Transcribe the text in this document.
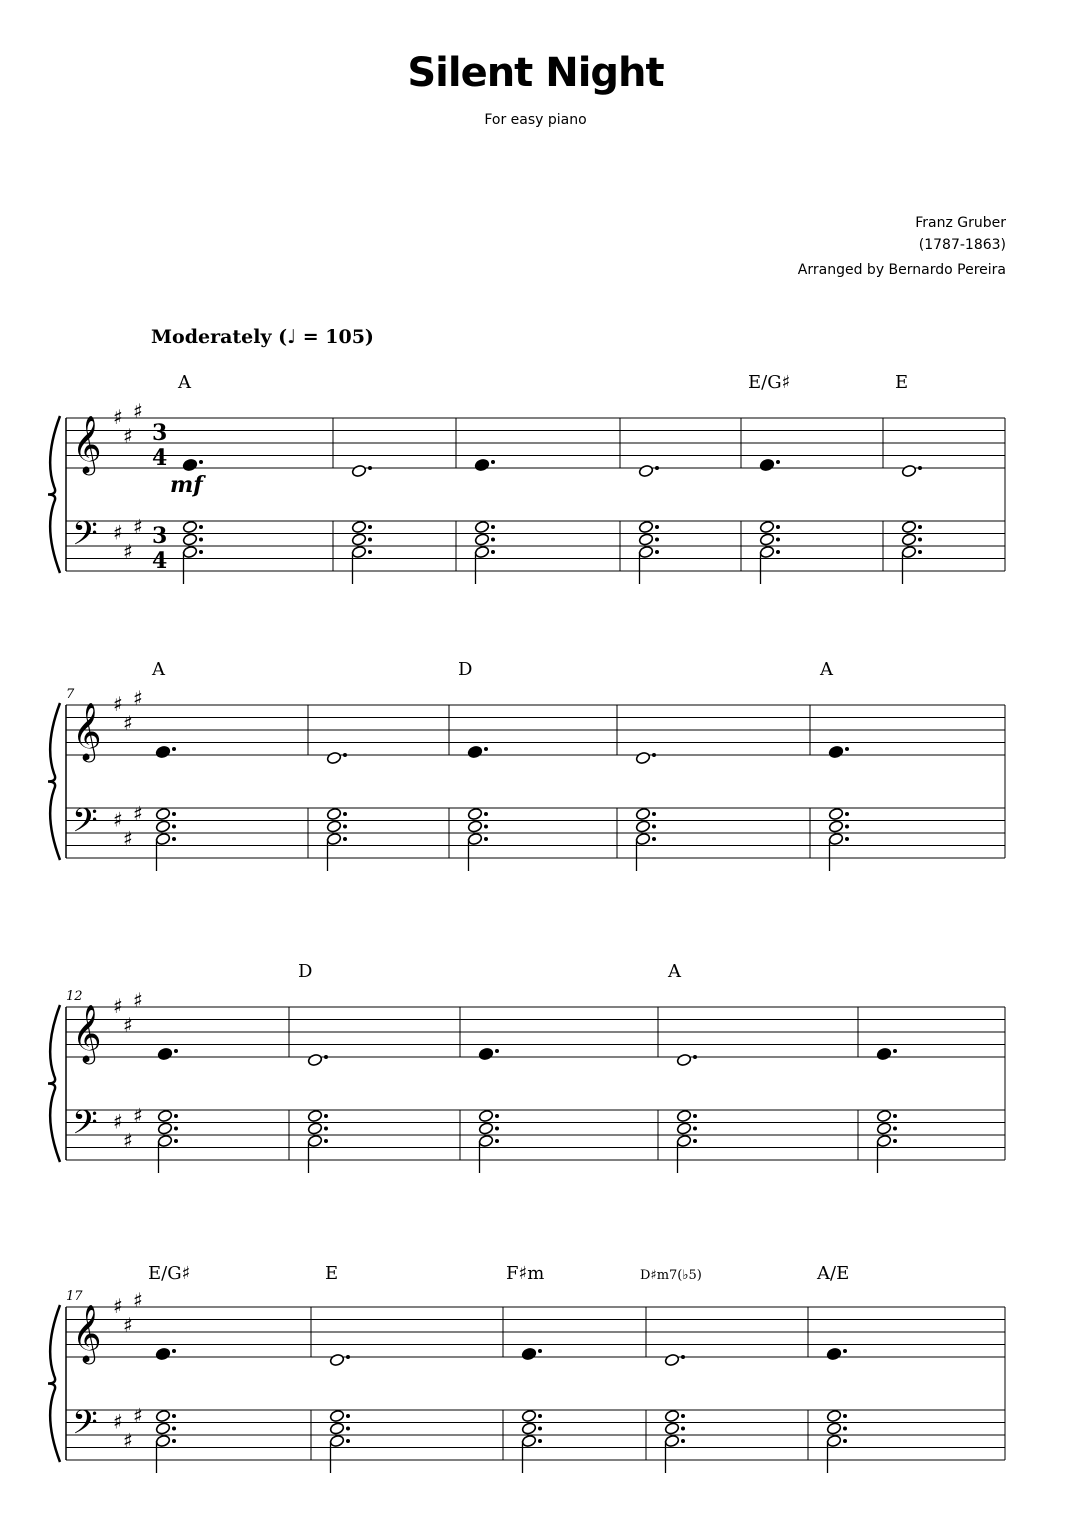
Silent Night
For easy piano
Franz Gruber
(1787-1863)
Arranged by Bernardo Pereira
Moderately (♩ = 105)
𝄞
𝄢
♯
♯
♯
♯
♯
♯
3
4
3
4
mf
A	E/G♯	E
𝄞
𝄢
♯
♯
♯
♯
♯
♯
7
A	D	A
𝄞
𝄢
♯
♯
♯
♯
♯
♯
12
D	A
𝄞
𝄢
♯
♯
♯
♯
♯
♯
17
E/G♯	E	F♯m	D♯m7(♭5)	A/E
